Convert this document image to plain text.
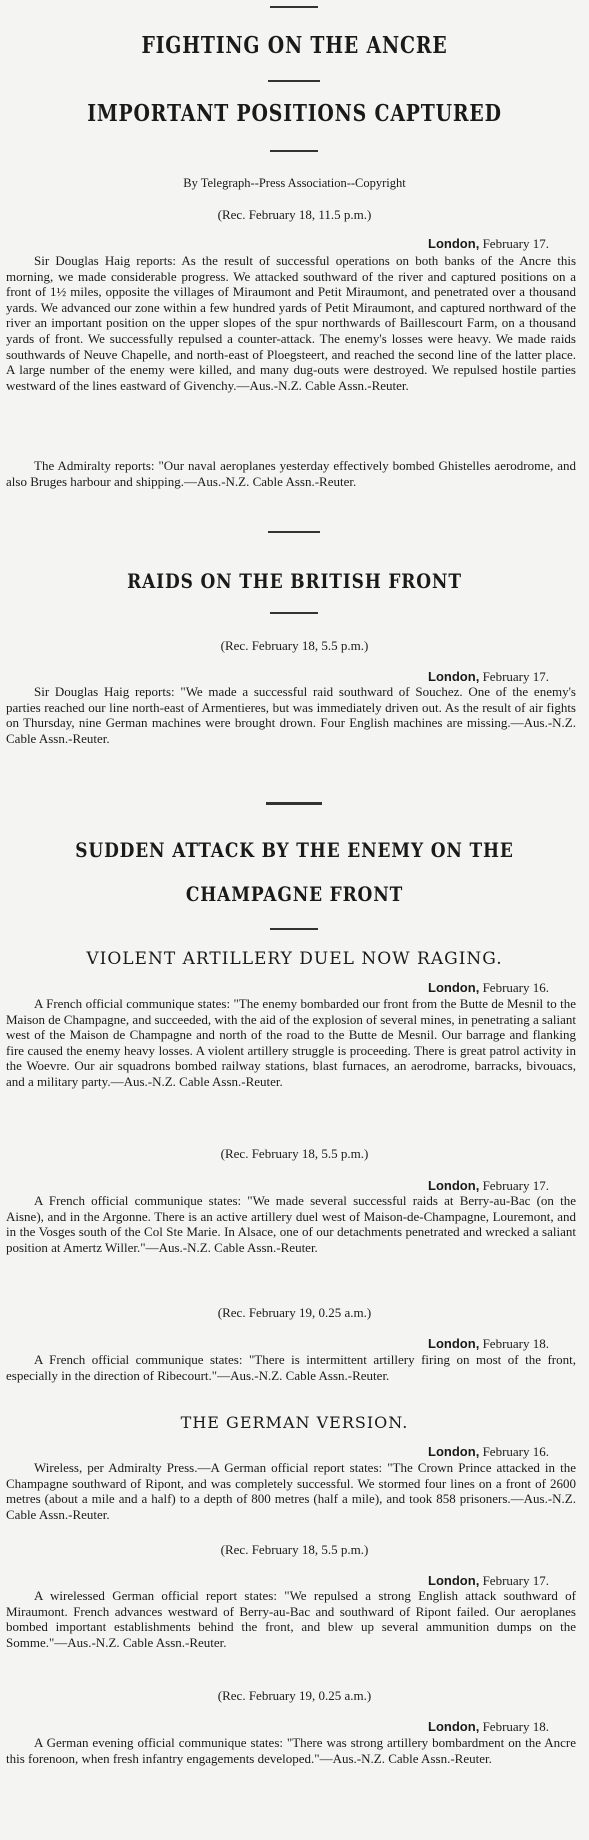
FIGHTING ON THE ANCRE
IMPORTANT POSITIONS CAPTURED
By Telegraph--Press Association--Copyright
(Rec. February 18, 11.5 p.m.)
London, February 17.

Sir Douglas Haig reports: As the result of successful operations on both banks of the Ancre this morning, we made considerable progress. We attacked southward of the river and captured positions on a front of 1½ miles, opposite the villages of Miraumont and Petit Miraumont, and penetrated over a thousand yards. We advanced our zone within a few hundred yards of Petit Miraumont, and captured northward of the river an important position on the upper slopes of the spur northwards of Baillescourt Farm, on a thousand yards of front. We successfully repulsed a counter-attack. The enemy's losses were heavy. We made raids southwards of Neuve Chapelle, and north-east of Ploegsteert, and reached the second line of the latter place. A large number of the enemy were killed, and many dug-outs were destroyed. We repulsed hostile parties westward of the lines eastward of Givenchy.—Aus.-N.Z. Cable Assn.-Reuter.

The Admiralty reports: "Our naval aeroplanes yesterday effectively bombed Ghistelles aerodrome, and also Bruges harbour and shipping.—Aus.-N.Z. Cable Assn.-Reuter.

RAIDS ON THE BRITISH FRONT
(Rec. February 18, 5.5 p.m.)
London, February 17.

Sir Douglas Haig reports: "We made a successful raid southward of Souchez. One of the enemy's parties reached our line north-east of Armentieres, but was immediately driven out. As the result of air fights on Thursday, nine German machines were brought drown. Four English machines are missing.—Aus.-N.Z. Cable Assn.-Reuter.

SUDDEN ATTACK BY THE ENEMY ON THE
CHAMPAGNE FRONT
VIOLENT ARTILLERY DUEL NOW RAGING.
London, February 16.

A French official communique states: "The enemy bombarded our front from the Butte de Mesnil to the Maison de Champagne, and succeeded, with the aid of the explosion of several mines, in penetrating a saliant west of the Maison de Champagne and north of the road to the Butte de Mesnil. Our barrage and flanking fire caused the enemy heavy losses. A violent artillery struggle is proceeding. There is great patrol activity in the Woevre. Our air squadrons bombed railway stations, blast furnaces, an aerodrome, barracks, bivouacs, and a military party.—Aus.-N.Z. Cable Assn.-Reuter.

(Rec. February 18, 5.5 p.m.)
London, February 17.

A French official communique states: "We made several successful raids at Berry-au-Bac (on the Aisne), and in the Argonne. There is an active artillery duel west of Maison-de-Champagne, Louremont, and in the Vosges south of the Col Ste Marie. In Alsace, one of our detachments penetrated and wrecked a saliant position at Amertz Willer."—Aus.-N.Z. Cable Assn.-Reuter.

(Rec. February 19, 0.25 a.m.)
London, February 18.

A French official communique states: "There is intermittent artillery firing on most of the front, especially in the direction of Ribecourt."—Aus.-N.Z. Cable Assn.-Reuter.

THE GERMAN VERSION.
London, February 16.

Wireless, per Admiralty Press.—A German official report states: "The Crown Prince attacked in the Champagne southward of Ripont, and was completely successful. We stormed four lines on a front of 2600 metres (about a mile and a half) to a depth of 800 metres (half a mile), and took 858 prisoners.—Aus.-N.Z. Cable Assn.-Reuter.

(Rec. February 18, 5.5 p.m.)
London, February 17.

A wirelessed German official report states: "We repulsed a strong English attack southward of Miraumont. French advances westward of Berry-au-Bac and southward of Ripont failed. Our aeroplanes bombed important establishments behind the front, and blew up several ammunition dumps on the Somme."—Aus.-N.Z. Cable Assn.-Reuter.

(Rec. February 19, 0.25 a.m.)
London, February 18.

A German evening official communique states: "There was strong artillery bombardment on the Ancre this forenoon, when fresh infantry engagements developed."—Aus.-N.Z. Cable Assn.-Reuter.
